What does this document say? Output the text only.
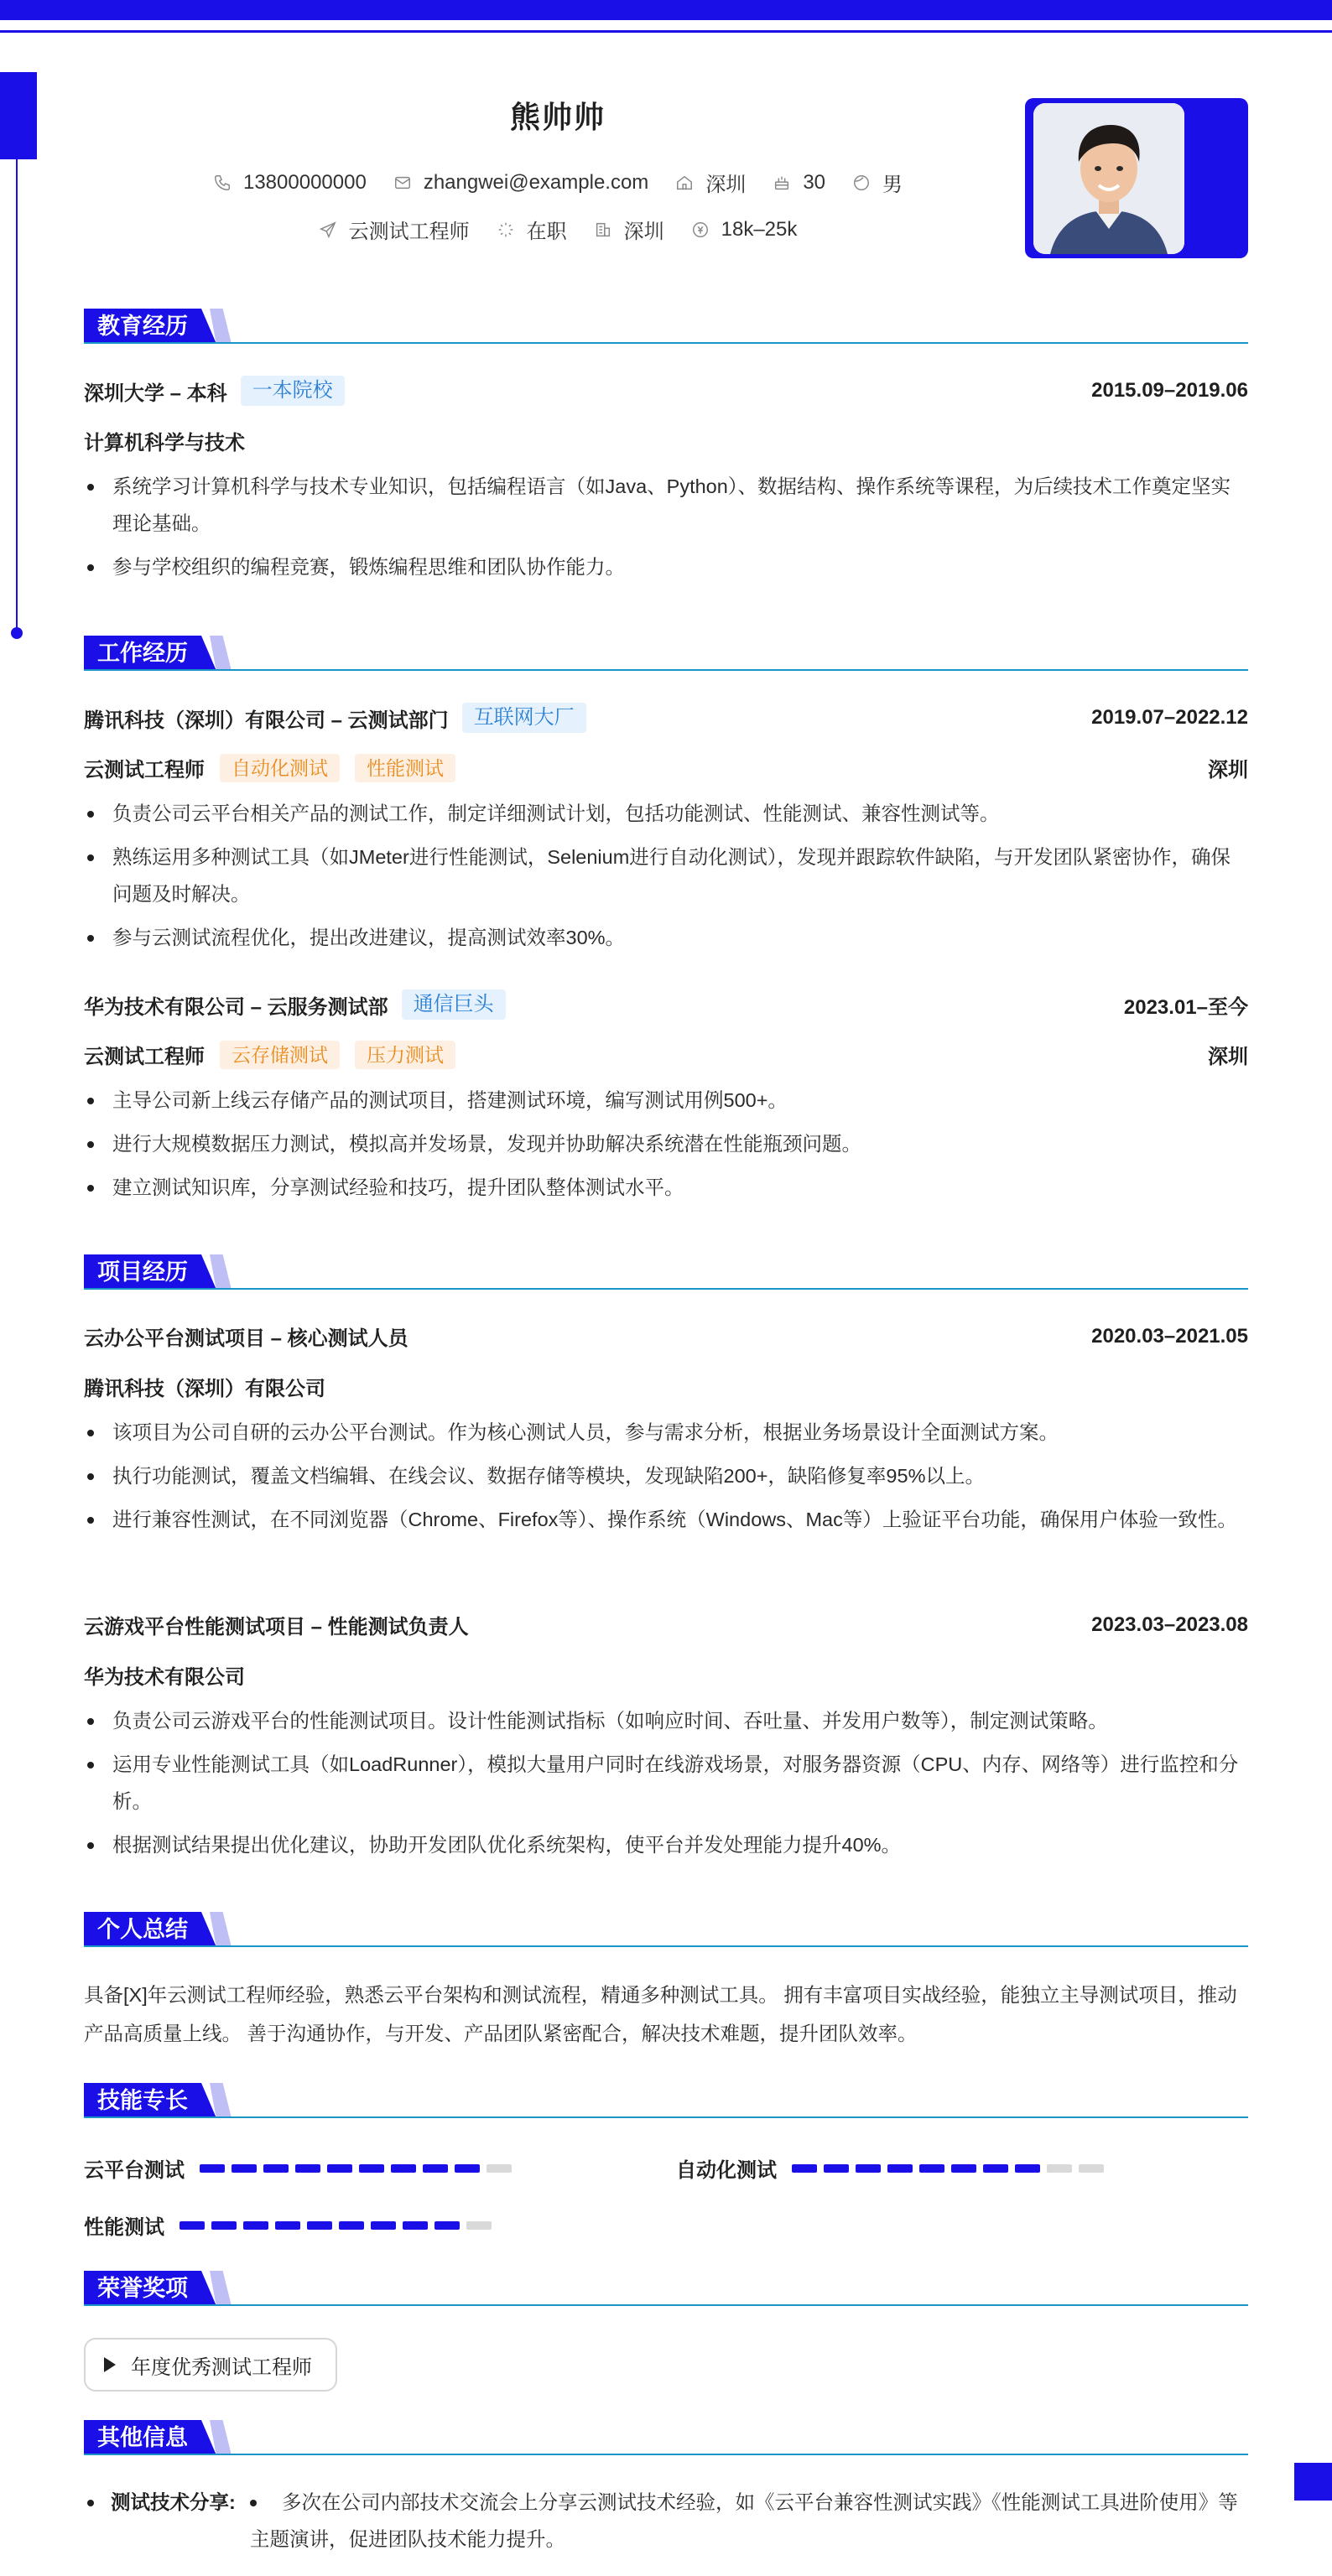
熊帅帅
13800000000	zhangwei@example.com	深圳	30	男
云测试工程师	在职	深圳	18k–25k
教育经历
深圳大学 – 本科	一本院校	2015.09–2019.06
计算机科学与技术
系统学习计算机科学与技术专业知识，包括编程语言（如Java、Python）、数据结构、操作系统等课程，为后续技术工作奠定坚实理论基础。
参与学校组织的编程竞赛，锻炼编程思维和团队协作能力。
工作经历
腾讯科技（深圳）有限公司 – 云测试部门	互联网大厂	2019.07–2022.12
云测试工程师	自动化测试	性能测试	深圳
负责公司云平台相关产品的测试工作，制定详细测试计划，包括功能测试、性能测试、兼容性测试等。
熟练运用多种测试工具（如JMeter进行性能测试，Selenium进行自动化测试），发现并跟踪软件缺陷，与开发团队紧密协作，确保问题及时解决。
参与云测试流程优化，提出改进建议，提高测试效率30%。
华为技术有限公司 – 云服务测试部	通信巨头	2023.01–至今
云测试工程师	云存储测试	压力测试	深圳
主导公司新上线云存储产品的测试项目，搭建测试环境，编写测试用例500+。
进行大规模数据压力测试，模拟高并发场景，发现并协助解决系统潜在性能瓶颈问题。
建立测试知识库，分享测试经验和技巧，提升团队整体测试水平。
项目经历
云办公平台测试项目 – 核心测试人员	2020.03–2021.05
腾讯科技（深圳）有限公司
该项目为公司自研的云办公平台测试。作为核心测试人员，参与需求分析，根据业务场景设计全面测试方案。
执行功能测试，覆盖文档编辑、在线会议、数据存储等模块，发现缺陷200+，缺陷修复率95%以上。
进行兼容性测试，在不同浏览器（Chrome、Firefox等）、操作系统（Windows、Mac等）上验证平台功能，确保用户体验一致性。
云游戏平台性能测试项目 – 性能测试负责人	2023.03–2023.08
华为技术有限公司
负责公司云游戏平台的性能测试项目。设计性能测试指标（如响应时间、吞吐量、并发用户数等），制定测试策略。
运用专业性能测试工具（如LoadRunner），模拟大量用户同时在线游戏场景，对服务器资源（CPU、内存、网络等）进行监控和分析。
根据测试结果提出优化建议，协助开发团队优化系统架构，使平台并发处理能力提升40%。
个人总结
具备[X]年云测试工程师经验，熟悉云平台架构和测试流程，精通多种测试工具。 拥有丰富项目实战经验，能独立主导测试项目，推动产品高质量上线。 善于沟通协作，与开发、产品团队紧密配合，解决技术难题，提升团队效率。
技能专长
云平台测试	自动化测试
性能测试
荣誉奖项
年度优秀测试工程师
其他信息
测试技术分享:	多次在公司内部技术交流会上分享云测试技术经验，如《云平台兼容性测试实践》《性能测试工具进阶使用》等主题演讲，促进团队技术能力提升。
